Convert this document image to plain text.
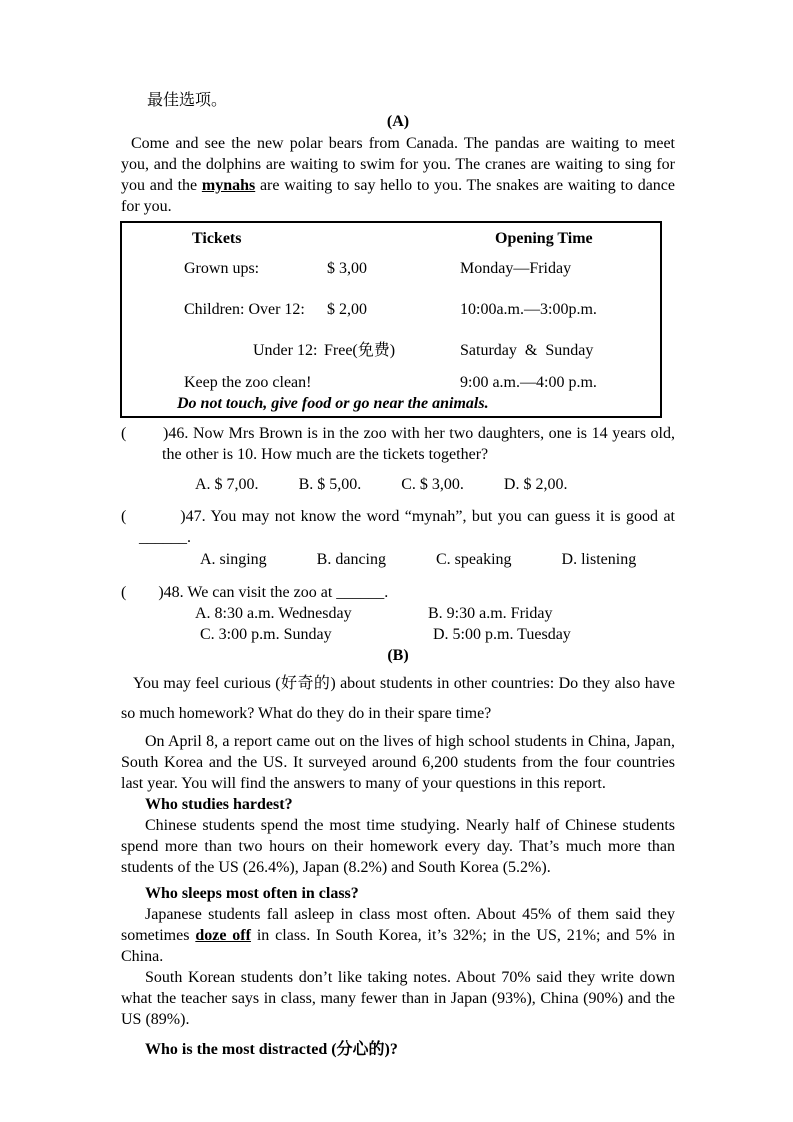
最佳选项。
(A)

Come and see the new polar bears from Canada. The pandas are waiting to meet you, and the dolphins are waiting to swim for you. The cranes are waiting to sing for you and the mynahs are waiting to say hello to you. The snakes are waiting to dance for you.

Tickets	Opening Time
Grown ups:	$ 3,00	Monday—Friday
Children: Over 12:	$ 2,00	10:00a.m.—3:00p.m.
Under 12: Free(免费)	Saturday  &  Sunday
Keep the zoo clean!	9:00 a.m.—4:00 p.m.
Do not touch, give food or go near the animals.
(        )46. Now Mrs Brown is in the zoo with her two daughters, one is 14 years old, the other is 10. How much are the tickets together?
A. $ 7,00.	B. $ 5,00.	C. $ 3,00.	D. $ 2,00.
(          )47. You may not know the word “mynah”, but you can guess it is good at ______.
A. singing	B. dancing	C. speaking	D. listening
(        )48. We can visit the zoo at ______.
A. 8:30 a.m. Wednesday	B. 9:30 a.m. Friday
C. 3:00 p.m. Sunday	D. 5:00 p.m. Tuesday
(B)

You may feel curious (好奇的) about students in other countries: Do they also have so much homework? What do they do in their spare time?

On April 8, a report came out on the lives of high school students in China, Japan, South Korea and the US. It surveyed around 6,200 students from the four countries last year. You will find the answers to many of your questions in this report.

Who studies hardest?

Chinese students spend the most time studying. Nearly half of Chinese students spend more than two hours on their homework every day. That’s much more than students of the US (26.4%), Japan (8.2%) and South Korea (5.2%).

Who sleeps most often in class?

Japanese students fall asleep in class most often. About 45% of them said they sometimes doze off in class. In South Korea, it’s 32%; in the US, 21%; and 5% in China.

South Korean students don’t like taking notes. About 70% said they write down what the teacher says in class, many fewer than in Japan (93%), China (90%) and the US (89%).

Who is the most distracted (分心的)?
